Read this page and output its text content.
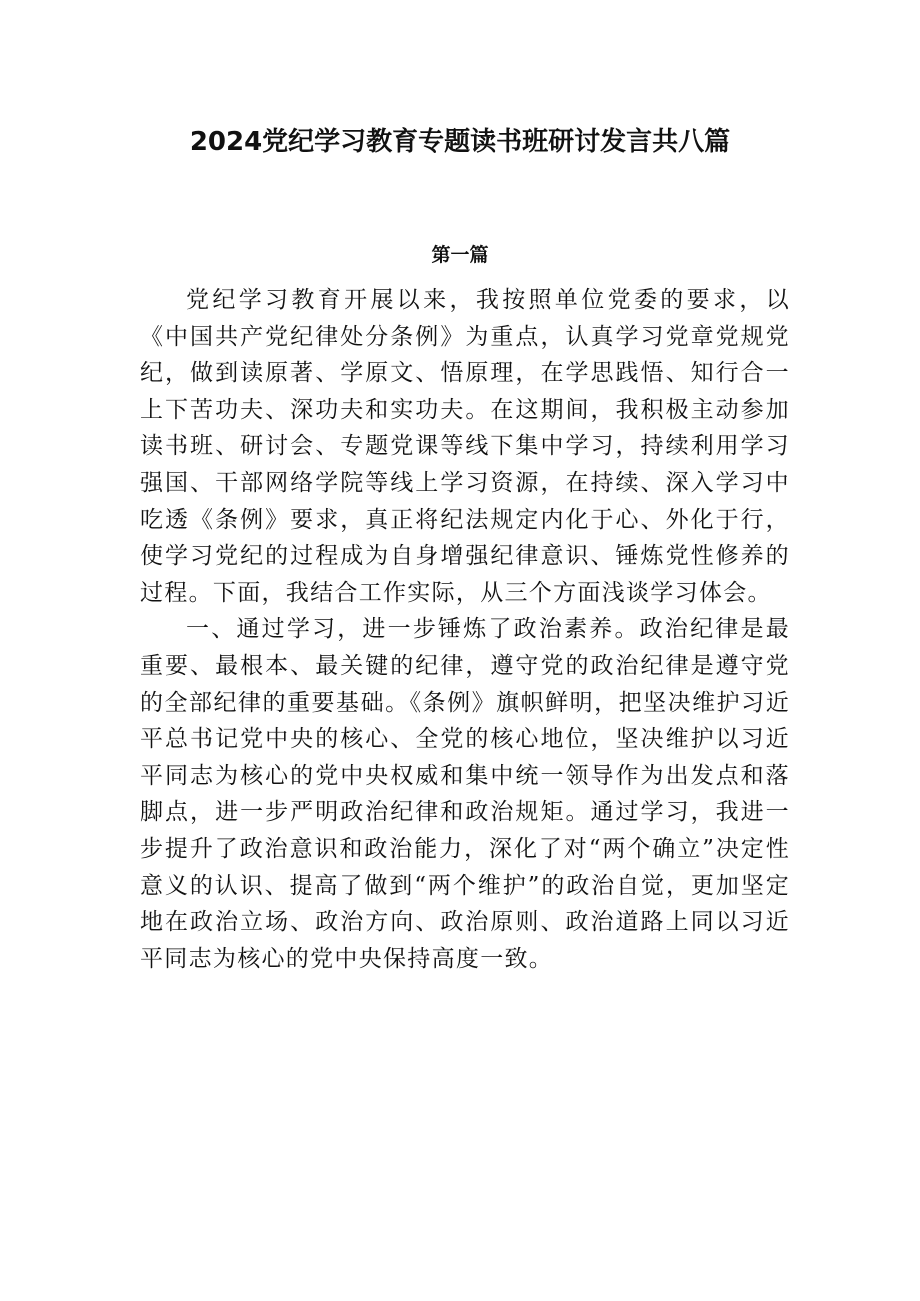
2024党纪学习教育专题读书班研讨发言共八篇
第一篇

党纪学习教育开展以来，我按照单位党委的要求，以《中国共产党纪律处分条例》为重点，认真学习党章党规党纪，做到读原著、学原文、悟原理，在学思践悟、知行合一上下苦功夫、深功夫和实功夫。在这期间，我积极主动参加读书班、研讨会、专题党课等线下集中学习，持续利用学习强国、干部网络学院等线上学习资源，在持续、深入学习中吃透《条例》要求，真正将纪法规定内化于心、外化于行，使学习党纪的过程成为自身增强纪律意识、锤炼党性修养的过程。下面，我结合工作实际，从三个方面浅谈学习体会。

一、通过学习，进一步锤炼了政治素养。政治纪律是最重要、最根本、最关键的纪律，遵守党的政治纪律是遵守党的全部纪律的重要基础。《条例》旗帜鲜明，把坚决维护习近平总书记党中央的核心、全党的核心地位，坚决维护以习近平同志为核心的党中央权威和集中统一领导作为出发点和落脚点，进一步严明政治纪律和政治规矩。通过学习，我进一步提升了政治意识和政治能力，深化了对“两个确立”决定性意义的认识、提高了做到“两个维护”的政治自觉，更加坚定地在政治立场、政治方向、政治原则、政治道路上同以习近平同志为核心的党中央保持高度一致。
